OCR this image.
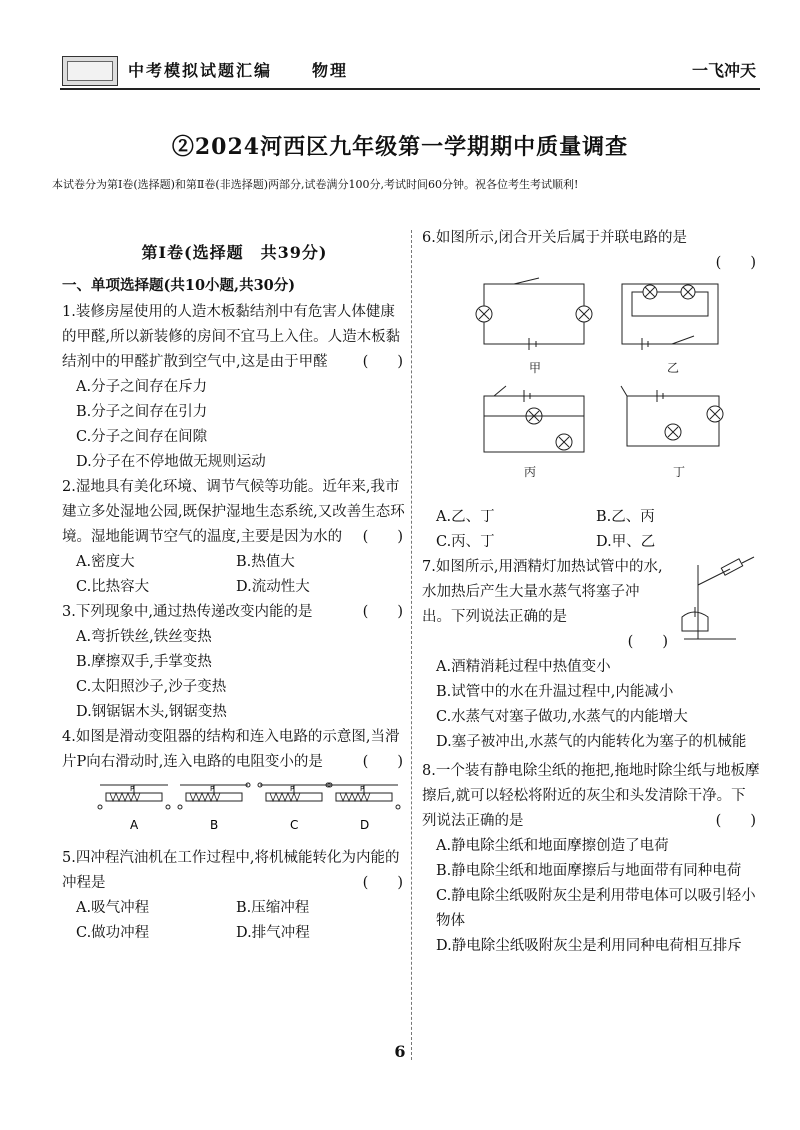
中考模拟试题汇编 物理	一飞冲天
②2024河西区九年级第一学期期中质量调查
本试卷分为第Ⅰ卷(选择题)和第Ⅱ卷(非选择题)两部分,试卷满分100分,考试时间60分钟。祝各位考生考试顺利!
第Ⅰ卷(选择题　共39分)
一、单项选择题(共10小题,共30分)
1.装修房屋使用的人造木板黏结剂中有危害人体健康的甲醛,所以新装修的房间不宜马上入住。人造木板黏结剂中的甲醛扩散到空气中,这是由于甲醛 (　　)
A.分子之间存在斥力
B.分子之间存在引力
C.分子之间存在间隙
D.分子在不停地做无规则运动
2.湿地具有美化环境、调节气候等功能。近年来,我市建立多处湿地公园,既保护湿地生态系统,又改善生态环境。湿地能调节空气的温度,主要是因为水的 (　　)
A.密度大	B.热值大
C.比热容大	D.流动性大
3.下列现象中,通过热传递改变内能的是	(　　)
A.弯折铁丝,铁丝变热
B.摩擦双手,手掌变热
C.太阳照沙子,沙子变热
D.钢锯锯木头,钢锯变热
4.如图是滑动变阻器的结构和连入电路的示意图,当滑片P向右滑动时,连入电路的电阻变小的是	(　　)
P
A
P
B
P
C
P
D
5.四冲程汽油机在工作过程中,将机械能转化为内能的冲程是	(　　)
A.吸气冲程	B.压缩冲程
C.做功冲程	D.排气冲程
6.如图所示,闭合开关后属于并联电路的是
(　　)
甲	乙
丙	丁
A.乙、丁	B.乙、丙
C.丙、丁	D.甲、乙
7.如图所示,用酒精灯加热试管中的水,水加热后产生大量水蒸气将塞子冲出。下列说法正确的是
(　　)
A.酒精消耗过程中热值变小
B.试管中的水在升温过程中,内能减小
C.水蒸气对塞子做功,水蒸气的内能增大
D.塞子被冲出,水蒸气的内能转化为塞子的机械能
8.一个装有静电除尘纸的拖把,拖地时除尘纸与地板摩擦后,就可以轻松将附近的灰尘和头发清除干净。下列说法正确的是	(　　)
A.静电除尘纸和地面摩擦创造了电荷
B.静电除尘纸和地面摩擦后与地面带有同种电荷
C.静电除尘纸吸附灰尘是利用带电体可以吸引轻小物体
D.静电除尘纸吸附灰尘是利用同种电荷相互排斥
6
